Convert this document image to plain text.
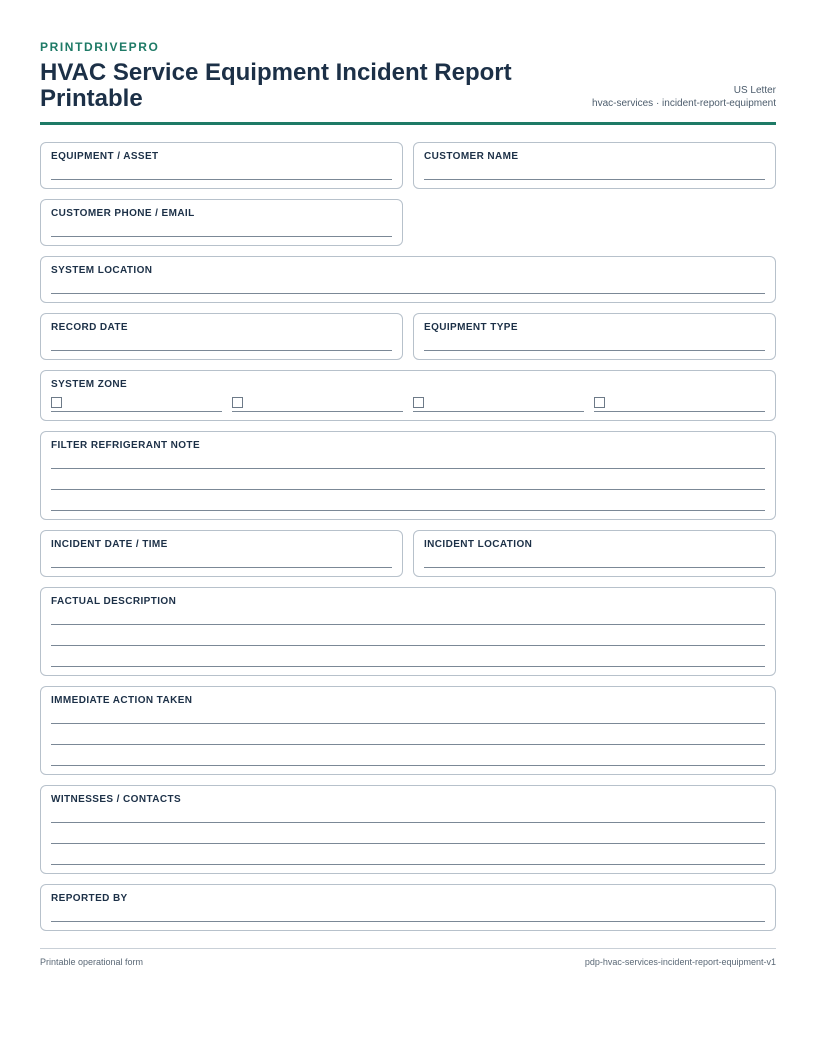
PRINTDRIVEPRO
HVAC Service Equipment Incident Report Printable	US Letter
hvac-services · incident-report-equipment
EQUIPMENT / ASSET	CUSTOMER NAME
CUSTOMER PHONE / EMAIL
SYSTEM LOCATION
RECORD DATE	EQUIPMENT TYPE
SYSTEM ZONE
FILTER REFRIGERANT NOTE
INCIDENT DATE / TIME	INCIDENT LOCATION
FACTUAL DESCRIPTION
IMMEDIATE ACTION TAKEN
WITNESSES / CONTACTS
REPORTED BY
Printable operational form	pdp-hvac-services-incident-report-equipment-v1
